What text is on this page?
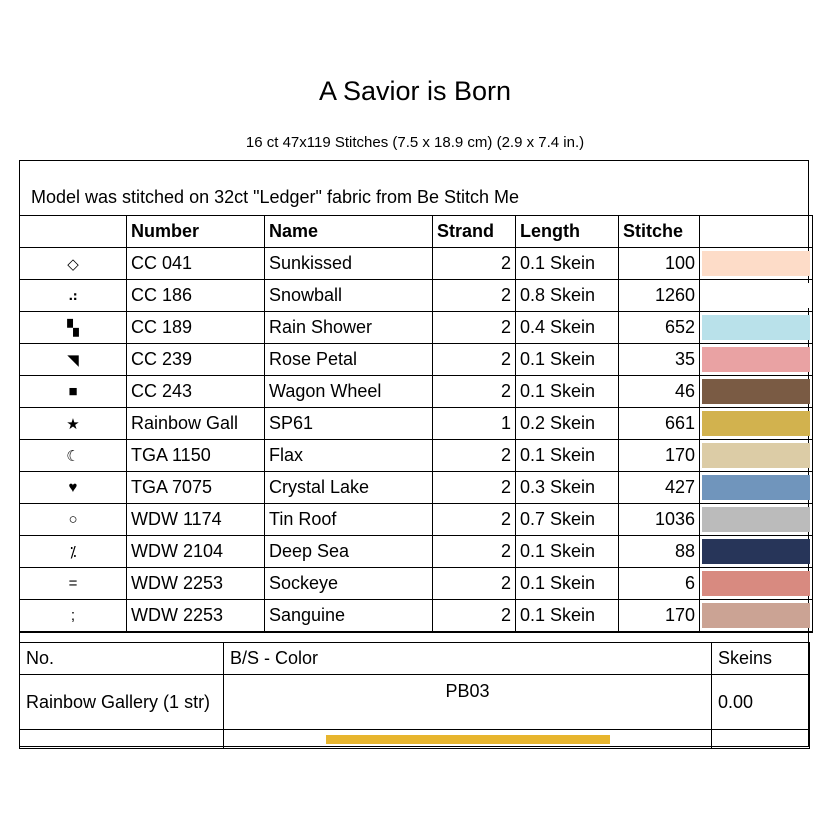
A Savior is Born
16 ct 47x119 Stitches (7.5 x 18.9 cm) (2.9 x 7.4 in.)
Model was stitched on 32ct "Ledger" fabric from Be Stitch Me
	Number	Name	Strand	Length	Stitche	
◇	CC 041	Sunkissed	2	0.1 Skein	100	

⠴	CC 186	Snowball	2	0.8 Skein	1260	

▚	CC 189	Rain Shower	2	0.4 Skein	652	

◥	CC 239	Rose Petal	2	0.1 Skein	35	

■	CC 243	Wagon Wheel	2	0.1 Skein	46	

★	Rainbow Gall	SP61	1	0.2 Skein	661	

☾	TGA 1150	Flax	2	0.1 Skein	170	

♥	TGA 7075	Crystal Lake	2	0.3 Skein	427	

○	WDW 1174	Tin Roof	2	0.7 Skein	1036	

⁒	WDW 2104	Deep Sea	2	0.1 Skein	88	

=	WDW 2253	Sockeye	2	0.1 Skein	6	

;	WDW 2253	Sanguine	2	0.1 Skein	170	
No.	B/S - Color	Skeins
Rainbow Gallery (1 str)	PB03	0.00
